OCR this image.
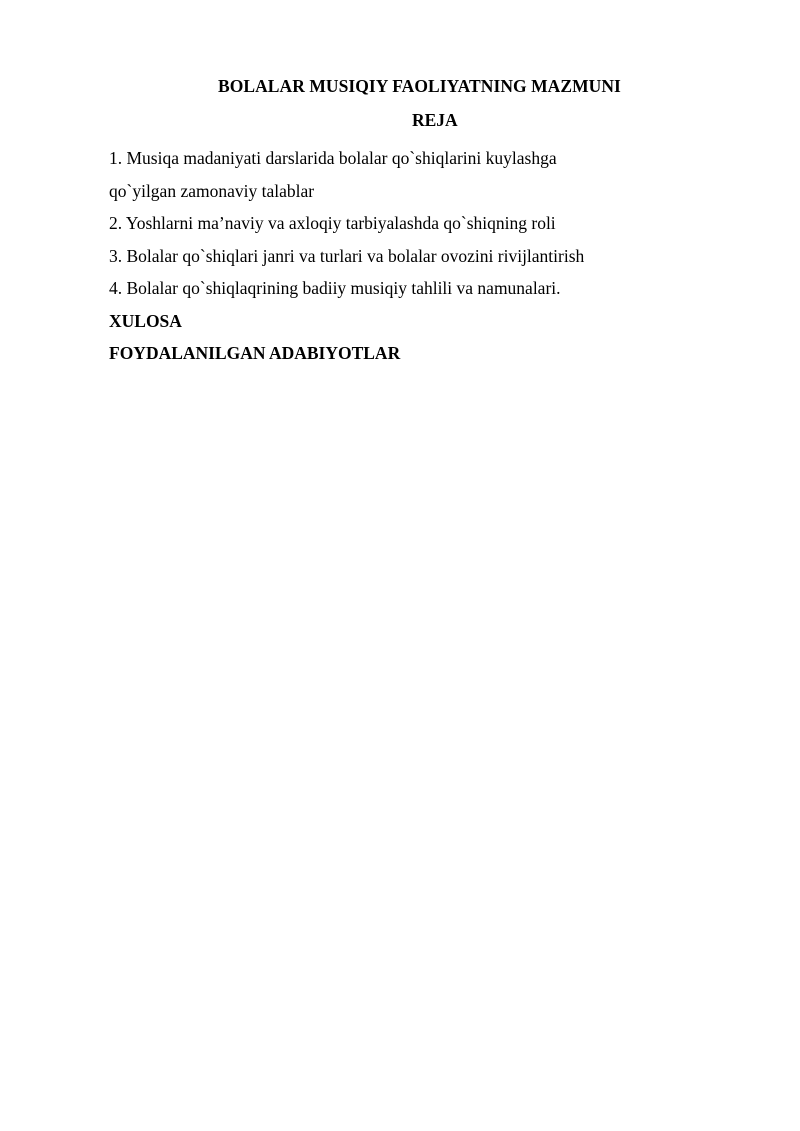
BOLALAR MUSIQIY FAOLIYATNING MAZMUNI
REJA
1. Musiqa madaniyati darslarida bolalar qo`shiqlarini kuylashga
qo`yilgan zamonaviy talablar
2. Yoshlarni ma’naviy va axloqiy tarbiyalashda qo`shiqning roli
3. Bolalar qo`shiqlari janri va turlari va bolalar ovozini rivijlantirish
4. Bolalar qo`shiqlaqrining badiiy musiqiy tahlili va namunalari.
XULOSA
FOYDALANILGAN ADABIYOTLAR
